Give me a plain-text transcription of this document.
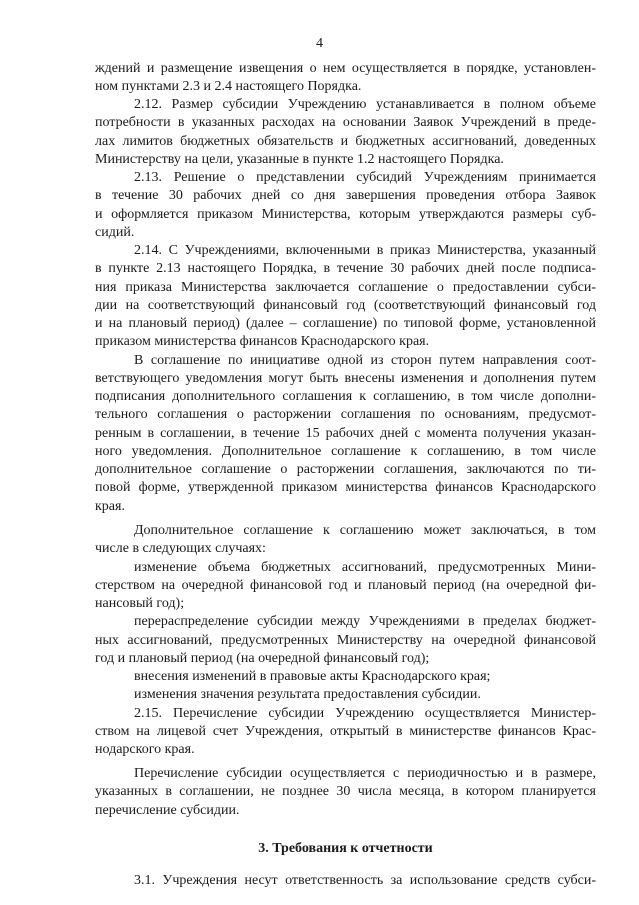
4
ждений и размещение извещения о нем осуществляется в порядке, установлен-
ном пунктами 2.3 и 2.4 настоящего Порядка.
2.12. Размер субсидии Учреждению устанавливается в полном объеме
потребности в указанных расходах на основании Заявок Учреждений в преде-
лах лимитов бюджетных обязательств и бюджетных ассигнований, доведенных
Министерству на цели, указанные в пункте 1.2 настоящего Порядка.
2.13. Решение о представлении субсидий Учреждениям принимается
в течение 30 рабочих дней со дня завершения проведения отбора Заявок
и оформляется приказом Министерства, которым утверждаются размеры суб-
сидий.
2.14. С Учреждениями, включенными в приказ Министерства, указанный
в пункте 2.13 настоящего Порядка, в течение 30 рабочих дней после подписа-
ния приказа Министерства заключается соглашение о предоставлении субси-
дии на соответствующий финансовый год (соответствующий финансовый год
и на плановый период) (далее – соглашение) по типовой форме, установленной
приказом министерства финансов Краснодарского края.
В соглашение по инициативе одной из сторон путем направления соот-
ветствующего уведомления могут быть внесены изменения и дополнения путем
подписания дополнительного соглашения к соглашению, в том числе дополни-
тельного соглашения о расторжении соглашения по основаниям, предусмот-
ренным в соглашении, в течение 15 рабочих дней с момента получения указан-
ного уведомления. Дополнительное соглашение к соглашению, в том числе
дополнительное соглашение о расторжении соглашения, заключаются по ти-
повой форме, утвержденной приказом министерства финансов Краснодарского
края.
Дополнительное соглашение к соглашению может заключаться, в том
числе в следующих случаях:
изменение объема бюджетных ассигнований, предусмотренных Мини-
стерством на очередной финансовой год и плановый период (на очередной фи-
нансовый год);
перераспределение субсидии между Учреждениями в пределах бюджет-
ных ассигнований, предусмотренных Министерству на очередной финансовой
год и плановый период (на очередной финансовый год);
внесения изменений в правовые акты Краснодарского края;
изменения значения результата предоставления субсидии.
2.15. Перечисление субсидии Учреждению осуществляется Министер-
ством на лицевой счет Учреждения, открытый в министерстве финансов Крас-
нодарского края.
Перечисление субсидии осуществляется с периодичностью и в размере,
указанных в соглашении, не позднее 30 числа месяца, в котором планируется
перечисление субсидии.
3. Требования к отчетности
3.1. Учреждения несут ответственность за использование средств субси-
